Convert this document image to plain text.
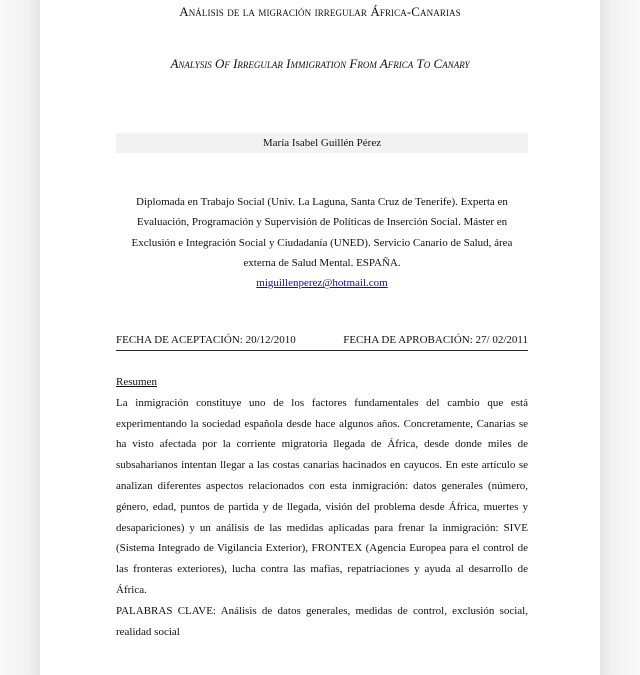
Análisis de la migración irregular África-Canarias
Analysis Of Irregular Immigration From Africa To Canary
María Isabel Guillén Pérez
Diplomada en Trabajo Social (Univ. La Laguna, Santa Cruz de Tenerife). Experta en Evaluación, Programación y Supervisión de Políticas de Inserción Social. Máster en Exclusión e Integración Social y Ciudadanía (UNED). Servicio Canario de Salud, área externa de Salud Mental. ESPAÑA.
miguillenperez@hotmail.com
FECHA DE ACEPTACIÓN: 20/12/2010	FECHA DE APROBACIÓN: 27/ 02/2011

Resumen

La inmigración constituye uno de los factores fundamentales del cambio que está experimentando la sociedad española desde hace algunos años. Concretamente, Canarias se ha visto afectada por la corriente migratoria llegada de África, desde donde miles de subsaharianos intentan llegar a las costas canarias hacinados en cayucos. En este artículo se analizan diferentes aspectos relacionados con esta inmigración: datos generales (número, género, edad, puntos de partida y de llegada, visión del problema desde África, muertes y desapariciones) y un análisis de las medidas aplicadas para frenar la inmigración: SIVE (Sistema Integrado de Vigilancia Exterior), FRONTEX (Agencia Europea para el control de las fronteras exteriores), lucha contra las mafias, repatriaciones y ayuda al desarrollo de África.

PALABRAS CLAVE: Análisis de datos generales, medidas de control, exclusión social, realidad social
